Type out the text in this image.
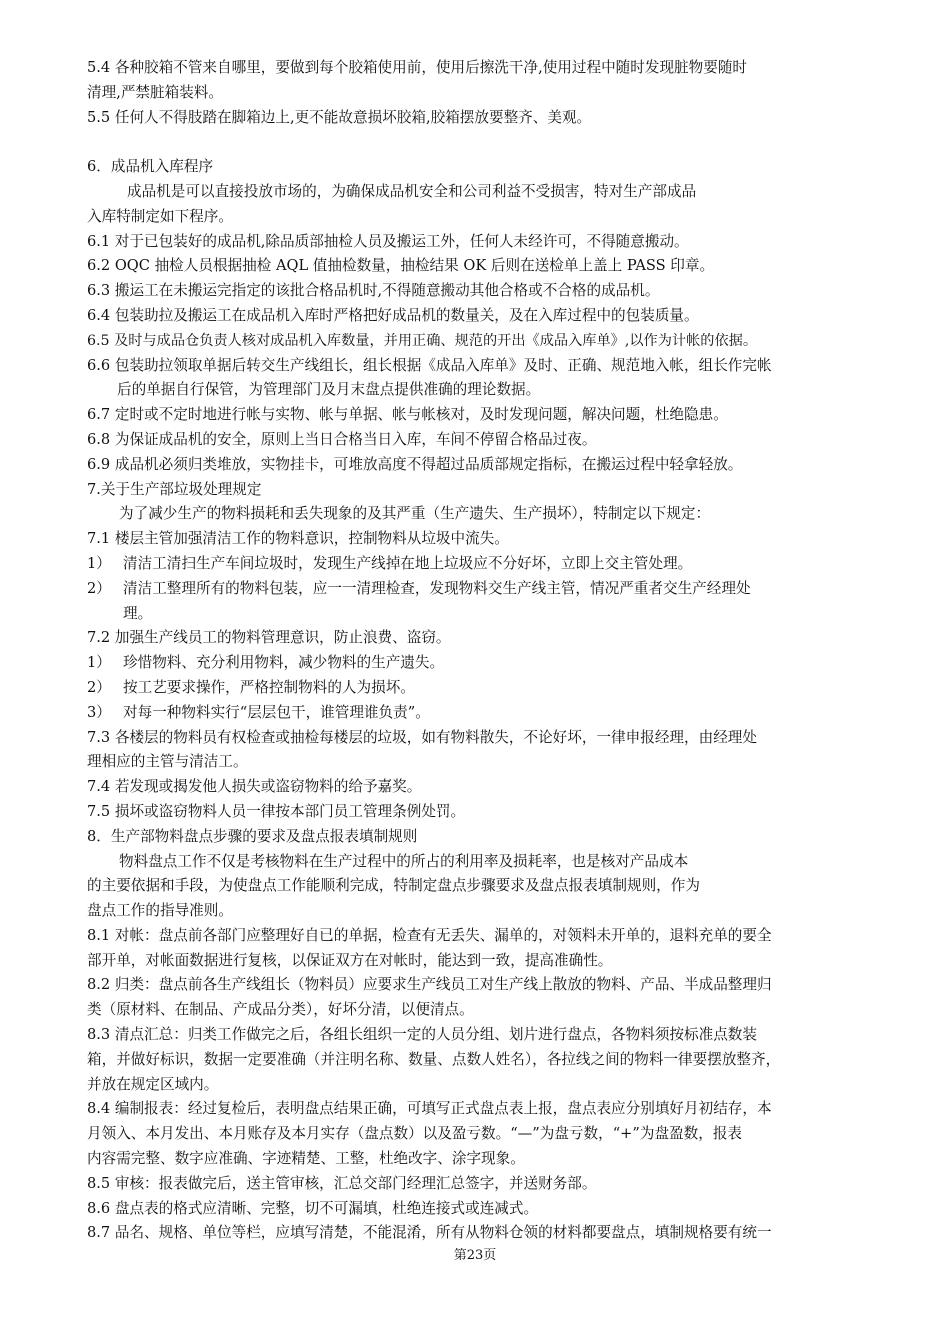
5.4 各种胶箱不管来自哪里，要做到每个胶箱使用前，使用后擦洗干净,使用过程中随时发现脏物要随时
清理,严禁脏箱装料。
5.5 任何人不得肢踏在脚箱边上,更不能故意损坏胶箱,胶箱摆放要整齐、美观。
6．成品机入库程序
成品机是可以直接投放市场的，为确保成品机安全和公司利益不受损害，特对生产部成品
入库特制定如下程序。
6.1 对于已包装好的成品机,除品质部抽检人员及搬运工外，任何人未经许可，不得随意搬动。
6.2 OQC 抽检人员根据抽检 AQL 值抽检数量，抽检结果 OK 后则在送检单上盖上 PASS 印章。
6.3 搬运工在未搬运完指定的该批合格品机时,不得随意搬动其他合格或不合格的成品机。
6.4 包装助拉及搬运工在成品机入库时严格把好成品机的数量关，及在入库过程中的包装质量。
6.5 及时与成品仓负责人核对成品机入库数量，并用正确、规范的开出《成品入库单》,以作为计帐的依据。
6.6 包装助拉领取单据后转交生产线组长，组长根据《成品入库单》及时、正确、规范地入帐，组长作完帐
后的单据自行保管，为管理部门及月末盘点提供准确的理论数据。
6.7 定时或不定时地进行帐与实物、帐与单据、帐与帐核对，及时发现问题，解决问题，杜绝隐患。
6.8 为保证成品机的安全，原则上当日合格当日入库，车间不停留合格品过夜。
6.9 成品机必须归类堆放，实物挂卡，可堆放高度不得超过品质部规定指标，在搬运过程中轻拿轻放。
7.关于生产部垃圾处理规定
为了减少生产的物料损耗和丢失现象的及其严重（生产遗失、生产损坏），特制定以下规定：
7.1 楼层主管加强清洁工作的物料意识，控制物料从垃圾中流失。
1） 清洁工清扫生产车间垃圾时，发现生产线掉在地上垃圾应不分好坏，立即上交主管处理。
2） 清洁工整理所有的物料包装，应一一清理检查，发现物料交生产线主管，情况严重者交生产经理处
理。
7.2 加强生产线员工的物料管理意识，防止浪费、盗窃。
1） 珍惜物料、充分利用物料，减少物料的生产遗失。
2） 按工艺要求操作，严格控制物料的人为损坏。
3） 对每一种物料实行“层层包干，谁管理谁负责”。
7.3 各楼层的物料员有权检查或抽检每楼层的垃圾，如有物料散失，不论好坏，一律申报经理，由经理处
理相应的主管与清洁工。
7.4 若发现或揭发他人损失或盗窃物料的给予嘉奖。
7.5 损坏或盗窃物料人员一律按本部门员工管理条例处罚。
8．生产部物料盘点步骤的要求及盘点报表填制规则
物料盘点工作不仅是考核物料在生产过程中的所占的利用率及损耗率，也是核对产品成本
的主要依据和手段，为使盘点工作能顺利完成，特制定盘点步骤要求及盘点报表填制规则，作为
盘点工作的指导准则。
8.1 对帐：盘点前各部门应整理好自已的单据，检查有无丢失、漏单的，对领料未开单的，退料充单的要全
部开单，对帐面数据进行复核，以保证双方在对帐时，能达到一致，提高准确性。
8.2 归类：盘点前各生产线组长（物料员）应要求生产线员工对生产线上散放的物料、产品、半成品整理归
类（原材料、在制品、产成品分类），好坏分清，以便清点。
8.3 清点汇总：归类工作做完之后，各组长组织一定的人员分组、划片进行盘点，各物料须按标准点数装
箱，并做好标识，数据一定要准确（并注明名称、数量、点数人姓名），各拉线之间的物料一律要摆放整齐，
并放在规定区域内。
8.4 编制报表：经过复检后，表明盘点结果正确，可填写正式盘点表上报，盘点表应分别填好月初结存，本
月领入、本月发出、本月账存及本月实存（盘点数）以及盈亏数。“—”为盘亏数，“+”为盘盈数，报表
内容需完整、数字应准确、字迹精楚、工整，杜绝改字、涂字现象。
8.5 审核：报表做完后，送主管审核，汇总交部门经理汇总签字，并送财务部。
8.6 盘点表的格式应清晰、完整，切不可漏填，杜绝连接式或连减式。
8.7 品名、规格、单位等栏，应填写清楚，不能混淆，所有从物料仓领的材料都要盘点，填制规格要有统一
第23页
